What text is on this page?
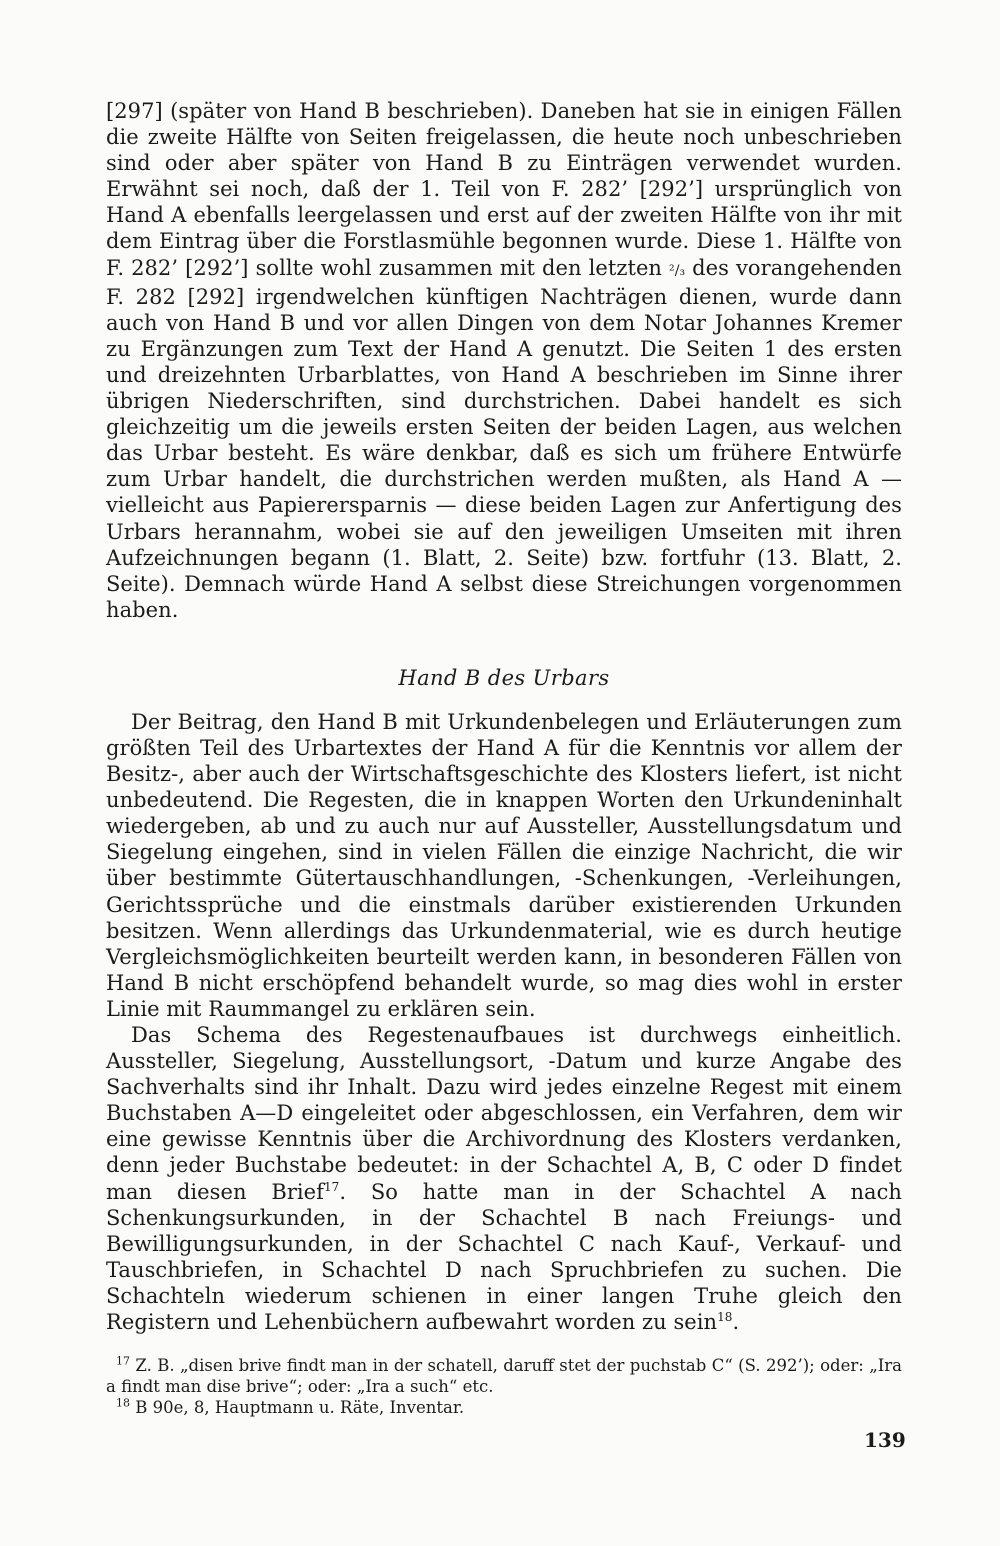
[297] (später von Hand B beschrieben). Daneben hat sie in einigen Fällen die zweite Hälfte von Seiten freigelassen, die heute noch unbeschrieben sind oder aber später von Hand B zu Einträgen verwendet wurden. Erwähnt sei noch, daß der 1. Teil von F. 282’ [292’] ursprünglich von Hand A ebenfalls leergelassen und erst auf der zweiten Hälfte von ihr mit dem Eintrag über die Forstlasmühle begonnen wurde. Diese 1. Hälfte von F. 282’ [292’] sollte wohl zusammen mit den letzten ²/₃ des vorangehenden F. 282 [292] irgendwelchen künftigen Nachträgen dienen, wurde dann auch von Hand B und vor allen Dingen von dem Notar Johannes Kremer zu Ergänzungen zum Text der Hand A genutzt. Die Seiten 1 des ersten und dreizehnten Urbarblattes, von Hand A beschrieben im Sinne ihrer übrigen Niederschriften, sind durchstrichen. Dabei handelt es sich gleichzeitig um die jeweils ersten Seiten der beiden Lagen, aus welchen das Urbar besteht. Es wäre denkbar, daß es sich um frühere Entwürfe zum Urbar handelt, die durchstrichen werden mußten, als Hand A — vielleicht aus Papierersparnis — diese beiden Lagen zur Anfertigung des Urbars herannahm, wobei sie auf den jeweiligen Umseiten mit ihren Aufzeichnungen begann (1. Blatt, 2. Seite) bzw. fortfuhr (13. Blatt, 2. Seite). Demnach würde Hand A selbst diese Streichungen vorgenommen haben.

Hand B des Urbars

Der Beitrag, den Hand B mit Urkundenbelegen und Erläuterungen zum größten Teil des Urbartextes der Hand A für die Kenntnis vor allem der Besitz-, aber auch der Wirtschaftsgeschichte des Klosters liefert, ist nicht unbedeutend. Die Regesten, die in knappen Worten den Urkundeninhalt wiedergeben, ab und zu auch nur auf Aussteller, Ausstellungsdatum und Siegelung eingehen, sind in vielen Fällen die einzige Nachricht, die wir über bestimmte Gütertauschhandlungen, -Schenkungen, -Verleihungen, Gerichtssprüche und die einstmals darüber existierenden Urkunden besitzen. Wenn allerdings das Urkundenmaterial, wie es durch heutige Vergleichsmöglichkeiten beurteilt werden kann, in besonderen Fällen von Hand B nicht erschöpfend behandelt wurde, so mag dies wohl in erster Linie mit Raummangel zu erklären sein.

Das Schema des Regestenaufbaues ist durchwegs einheitlich. Aussteller, Siegelung, Ausstellungsort, -Datum und kurze Angabe des Sachverhalts sind ihr Inhalt. Dazu wird jedes einzelne Regest mit einem Buchstaben A—D eingeleitet oder abgeschlossen, ein Verfahren, dem wir eine gewisse Kenntnis über die Archivordnung des Klosters verdanken, denn jeder Buchstabe bedeutet: in der Schachtel A, B, C oder D findet man diesen Brief$^{17}$. So hatte man in der Schachtel A nach Schenkungsurkunden, in der Schachtel B nach Freiungs- und Bewilligungsurkunden, in der Schachtel C nach Kauf-, Verkauf- und Tauschbriefen, in Schachtel D nach Spruchbriefen zu suchen. Die Schachteln wiederum schienen in einer langen Truhe gleich den Registern und Lehenbüchern aufbewahrt worden zu sein$^{18}$.

$^{17}$ Z. B. „disen brive findt man in der schatell, daruff stet der puchstab C“ (S. 292’); oder: „Ira a findt man dise brive“; oder: „Ira a such“ etc.

$^{18}$ B 90e, 8, Hauptmann u. Räte, Inventar.

139
